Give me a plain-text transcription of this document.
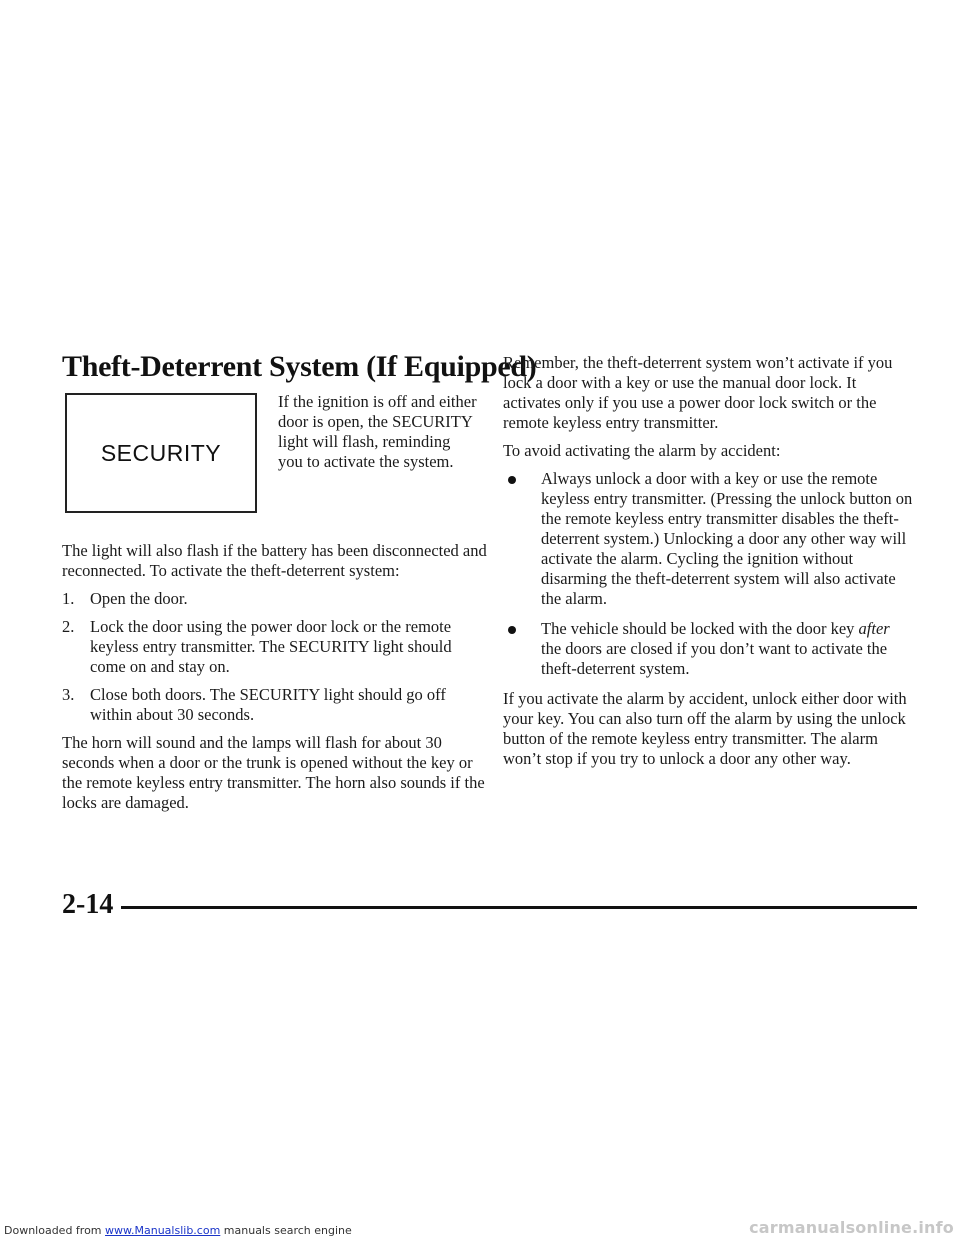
Theft-Deterrent System (If Equipped)
SECURITY

If the ignition is off and either door is open, the SECURITY light will flash, reminding you to activate the system.

The light will also flash if the battery has been disconnected and reconnected. To activate the theft-deterrent system:

1. Open the door.
2. Lock the door using the power door lock or the remote keyless entry transmitter. The SECURITY light should come on and stay on.
3. Close both doors. The SECURITY light should go off within about 30 seconds.

The horn will sound and the lamps will flash for about 30 seconds when a door or the trunk is opened without the key or the remote keyless entry transmitter. The horn also sounds if the locks are damaged.

Remember, the theft-deterrent system won’t activate if you lock a door with a key or use the manual door lock. It activates only if you use a power door lock switch or the remote keyless entry transmitter.

To avoid activating the alarm by accident:

Always unlock a door with a key or use the remote keyless entry transmitter. (Pressing the unlock button on the remote keyless entry transmitter disables the theft-deterrent system.) Unlocking a door any other way will activate the alarm. Cycling the ignition without disarming the theft-deterrent system will also activate the alarm.
The vehicle should be locked with the door key after the doors are closed if you don’t want to activate the theft-deterrent system.

If you activate the alarm by accident, unlock either door with your key. You can also turn off the alarm by using the unlock button of the remote keyless entry transmitter. The alarm won’t stop if you try to unlock a door any other way.

2-14
Downloaded from www.Manualslib.com manuals search engine	carmanualsonline.info
